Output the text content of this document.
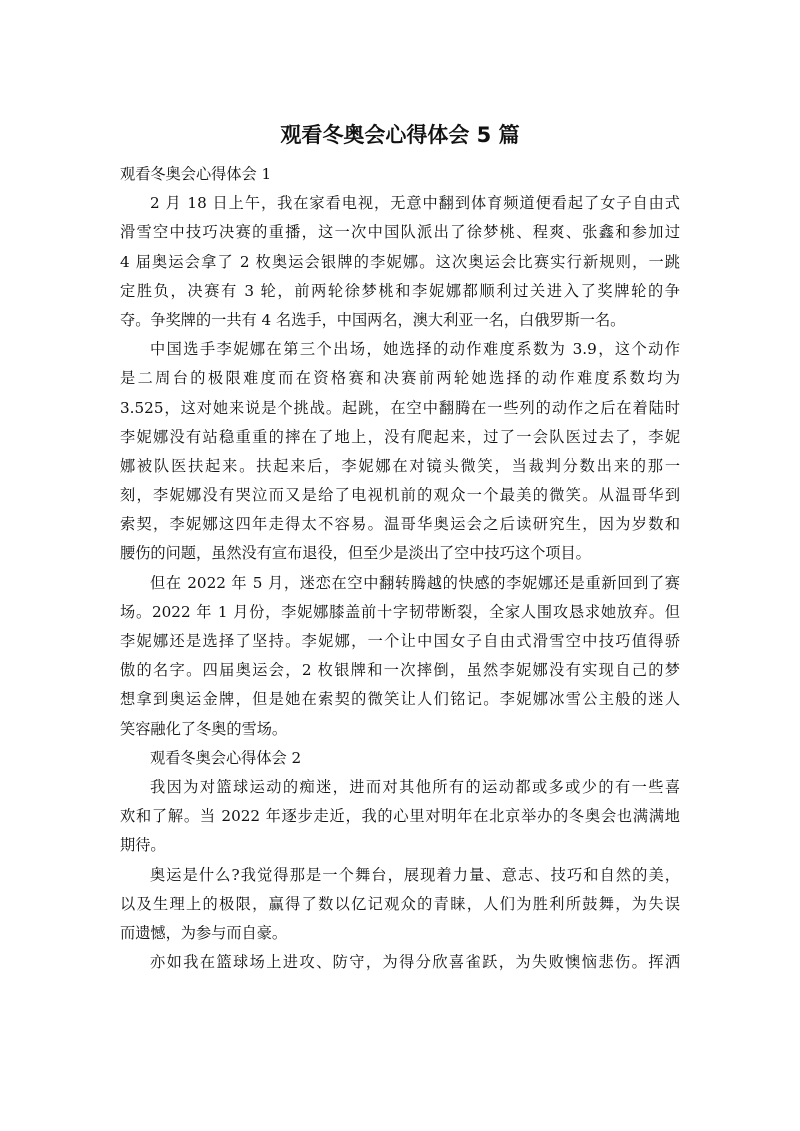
观看冬奥会心得体会 5 篇
观看冬奥会心得体会 1
2 月 18 日上午，我在家看电视，无意中翻到体育频道便看起了女子自由式
滑雪空中技巧决赛的重播，这一次中国队派出了徐梦桃、程爽、张鑫和参加过
4 届奥运会拿了 2 枚奥运会银牌的李妮娜。这次奥运会比赛实行新规则，一跳
定胜负，决赛有 3 轮，前两轮徐梦桃和李妮娜都顺利过关进入了奖牌轮的争
夺。争奖牌的一共有 4 名选手，中国两名，澳大利亚一名，白俄罗斯一名。
中国选手李妮娜在第三个出场，她选择的动作难度系数为 3.9，这个动作
是二周台的极限难度而在资格赛和决赛前两轮她选择的动作难度系数均为
3.525，这对她来说是个挑战。起跳，在空中翻腾在一些列的动作之后在着陆时
李妮娜没有站稳重重的摔在了地上，没有爬起来，过了一会队医过去了，李妮
娜被队医扶起来。扶起来后，李妮娜在对镜头微笑，当裁判分数出来的那一
刻，李妮娜没有哭泣而又是给了电视机前的观众一个最美的微笑。从温哥华到
索契，李妮娜这四年走得太不容易。温哥华奥运会之后读研究生，因为岁数和
腰伤的问题，虽然没有宣布退役，但至少是淡出了空中技巧这个项目。
但在 2022 年 5 月，迷恋在空中翻转腾越的快感的李妮娜还是重新回到了赛
场。2022 年 1 月份，李妮娜膝盖前十字韧带断裂，全家人围攻恳求她放弃。但
李妮娜还是选择了坚持。李妮娜，一个让中国女子自由式滑雪空中技巧值得骄
傲的名字。四届奥运会，2 枚银牌和一次摔倒，虽然李妮娜没有实现自己的梦
想拿到奥运金牌，但是她在索契的微笑让人们铭记。李妮娜冰雪公主般的迷人
笑容融化了冬奥的雪场。
观看冬奥会心得体会 2
我因为对篮球运动的痴迷，进而对其他所有的运动都或多或少的有一些喜
欢和了解。当 2022 年逐步走近，我的心里对明年在北京举办的冬奥会也满满地
期待。
奥运是什么?我觉得那是一个舞台，展现着力量、意志、技巧和自然的美，
以及生理上的极限，赢得了数以亿记观众的青睐，人们为胜利所鼓舞，为失误
而遗憾，为参与而自豪。
亦如我在篮球场上进攻、防守，为得分欣喜雀跃，为失败懊恼悲伤。挥洒
